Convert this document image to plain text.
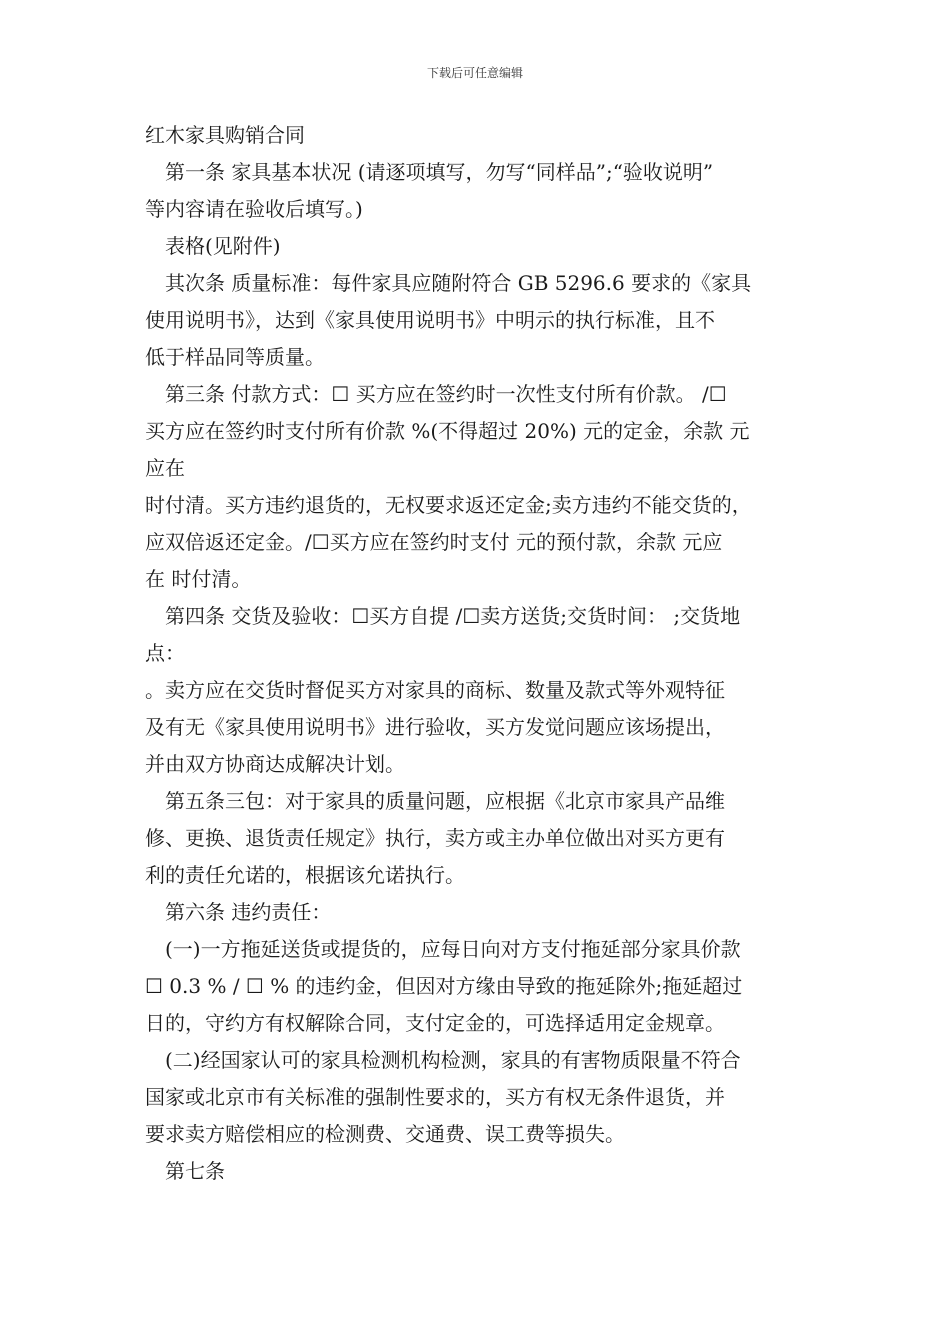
下载后可任意编辑
红木家具购销合同
第一条 家具基本状况 (请逐项填写，勿写“同样品”;“验收说明”
等内容请在验收后填写。)
表格(见附件)
其次条 质量标准：每件家具应随附符合 GB 5296.6 要求的《家具
使用说明书》，达到《家具使用说明书》中明示的执行标准，且不
低于样品同等质量。
第三条 付款方式：☐ 买方应在签约时一次性支付所有价款。 /☐
买方应在签约时支付所有价款 %(不得超过 20%) 元的定金，余款 元
应在
时付清。买方违约退货的，无权要求返还定金;卖方违约不能交货的，
应双倍返还定金。/☐买方应在签约时支付 元的预付款，余款 元应
在 时付清。
第四条 交货及验收：☐买方自提 /☐卖方送货;交货时间： ;交货地
点：
。卖方应在交货时督促买方对家具的商标、数量及款式等外观特征
及有无《家具使用说明书》进行验收，买方发觉问题应该场提出，
并由双方协商达成解决计划。
第五条三包：对于家具的质量问题，应根据《北京市家具产品维
修、更换、退货责任规定》执行，卖方或主办单位做出对买方更有
利的责任允诺的，根据该允诺执行。
第六条 违约责任：
(一)一方拖延送货或提货的，应每日向对方支付拖延部分家具价款
☐ 0.3 % / ☐ % 的违约金，但因对方缘由导致的拖延除外;拖延超过
日的，守约方有权解除合同，支付定金的，可选择适用定金规章。
(二)经国家认可的家具检测机构检测，家具的有害物质限量不符合
国家或北京市有关标准的强制性要求的，买方有权无条件退货，并
要求卖方赔偿相应的检测费、交通费、误工费等损失。
第七条
